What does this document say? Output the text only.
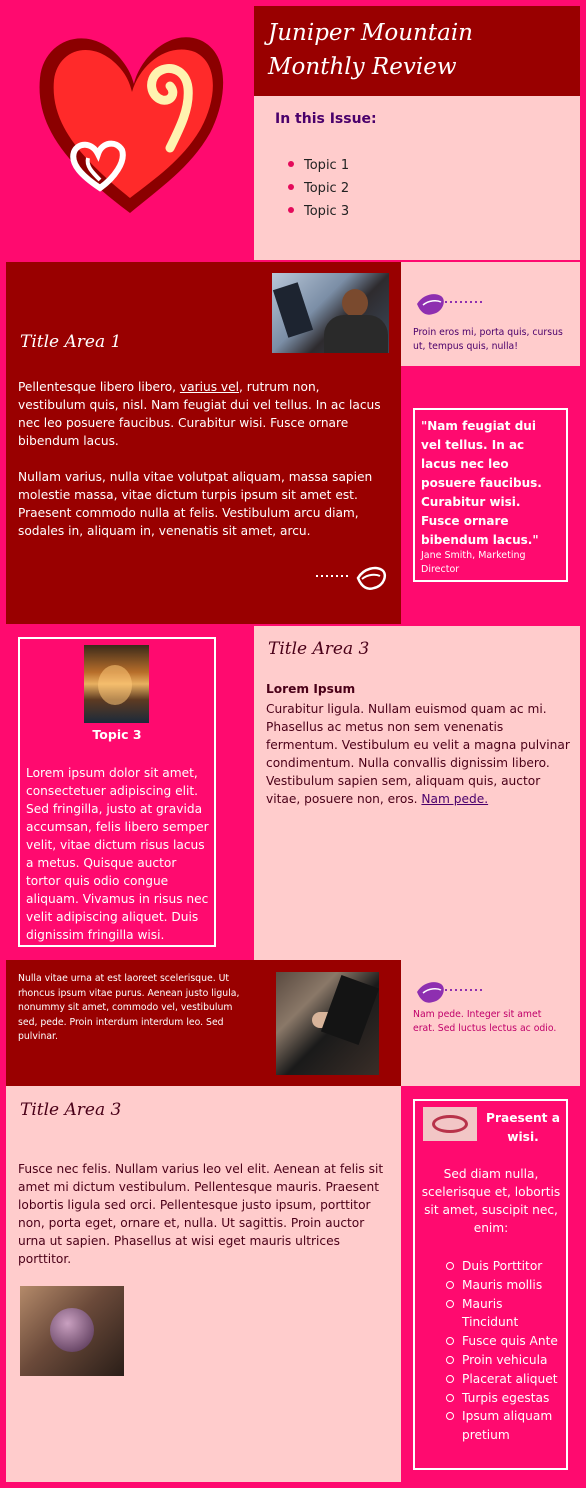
Juniper Mountain
Monthly Review
In this Issue:
Topic 1
Topic 2
Topic 3
Title Area 1

Pellentesque libero libero, varius vel, rutrum non, vestibulum quis, nisl. Nam feugiat dui vel tellus. In ac lacus nec leo posuere faucibus. Curabitur wisi. Fusce ornare bibendum lacus.

Nullam varius, nulla vitae volutpat aliquam, massa sapien molestie massa, vitae dictum turpis ipsum sit amet est. Praesent commodo nulla at felis. Vestibulum arcu diam, sodales in, aliquam in, venenatis sit amet, arcu.

Proin eros mi, porta quis, cursus ut, tempus quis, nulla!

"Nam feugiat dui vel tellus. In ac lacus nec leo posuere faucibus. Curabitur wisi. Fusce ornare bibendum lacus."

Jane Smith, Marketing Director

Topic 3

Lorem ipsum dolor sit amet, consectetuer adipiscing elit. Sed fringilla, justo at gravida accumsan, felis libero semper velit, vitae dictum risus lacus a metus. Quisque auctor tortor quis odio congue aliquam. Vivamus in risus nec velit adipiscing aliquet. Duis dignissim fringilla wisi.

Title Area 3
Lorem Ipsum

Curabitur ligula. Nullam euismod quam ac mi. Phasellus ac metus non sem venenatis fermentum. Vestibulum eu velit a magna pulvinar condimentum. Nulla convallis dignissim libero. Vestibulum sapien sem, aliquam quis, auctor vitae, posuere non, eros. Nam pede.

Nulla vitae urna at est laoreet scelerisque. Ut rhoncus ipsum vitae purus. Aenean justo ligula, nonummy sit amet, commodo vel, vestibulum sed, pede. Proin interdum interdum leo. Sed pulvinar.

Nam pede. Integer sit amet erat. Sed luctus lectus ac odio.

Title Area 3

Fusce nec felis. Nullam varius leo vel elit. Aenean at felis sit amet mi dictum vestibulum. Pellentesque mauris. Praesent lobortis ligula sed orci. Pellentesque justo ipsum, porttitor non, porta eget, ornare et, nulla. Ut sagittis. Proin auctor urna ut sapien. Phasellus at wisi eget mauris ultrices porttitor.

Praesent a wisi.

Sed diam nulla, scelerisque et, lobortis sit amet, suscipit nec, enim:

Duis Porttitor
Mauris mollis
Mauris Tincidunt
Fusce quis Ante
Proin vehicula
Placerat aliquet
Turpis egestas
Ipsum aliquam pretium
